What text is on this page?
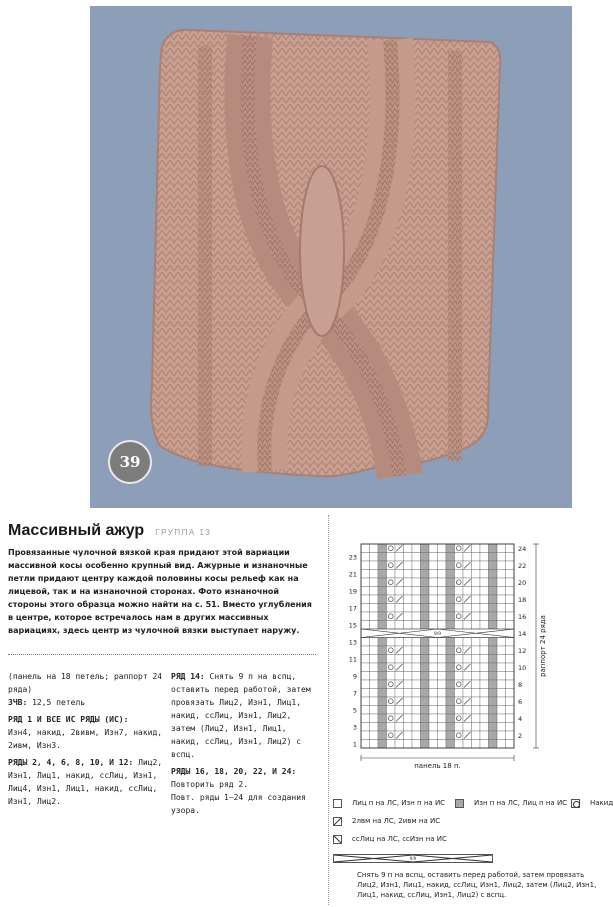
39
Массивный ажур ГРУППА 13
Провязанные чулочной вязкой края придают этой вариации массивной косы особенно крупный вид. Ажурные и изнаночные петли придают центру каждой половины косы рельеф как на лицевой, так и на изнаночной сторонах. Фото изнаночной стороны этого образца можно найти на с. 51. Вместо углубления в центре, которое встречалось нам в других массивных вариациях, здесь центр из чулочной вязки выступает наружу.

(панель на 18 петель; раппорт 24 ряда)

ЗЧВ: 12,5 петель

РЯД 1 И ВСЕ ИС РЯДЫ (ИС):
Изн4, накид, 2вивм, Изн7, накид, 2ивм, Изн3.

РЯДЫ 2, 4, 6, 8, 10, И 12: Лиц2, Изн1, Лиц1, накид, ссЛиц, Изн1, Лиц4, Изн1, Лиц1, накид, ссЛиц, Изн1, Лиц2.

РЯД 14: Снять 9 п на вспц, оставить перед работой, затем провязать Лиц2, Изн1, Лиц1, накид, ссЛиц, Изн1, Лиц2, затем (Лиц2, Изн1, Лиц1, накид, ссЛиц, Изн1, Лиц2) с вспц.

РЯДЫ 16, 18, 20, 22, И 24:
Повторить ряд 2.

Повт. ряды 1–24 для создания узора.

9/9
23
21
19
17
15
13
11
9
7
5
3
1
24
22
20
18
16
14
12
10
8
6
4
2
панель 18 п.
раппорт 24 ряда
Лиц п на ЛС, Изн п на ИС	Изн п на ЛС, Лиц п на ИС	Накид
2лвм на ЛС, 2ивм на ИС
ссЛиц на ЛС, ссИзн на ИС
9/9
Снять 9 п на вспц, оставить перед работой, затем провязать Лиц2, Изн1, Лиц1, накид, ссЛиц, Изн1, Лиц2, затем (Лиц2, Изн1, Лиц1, накид, ссЛиц, Изн1, Лиц2) с вспц.
